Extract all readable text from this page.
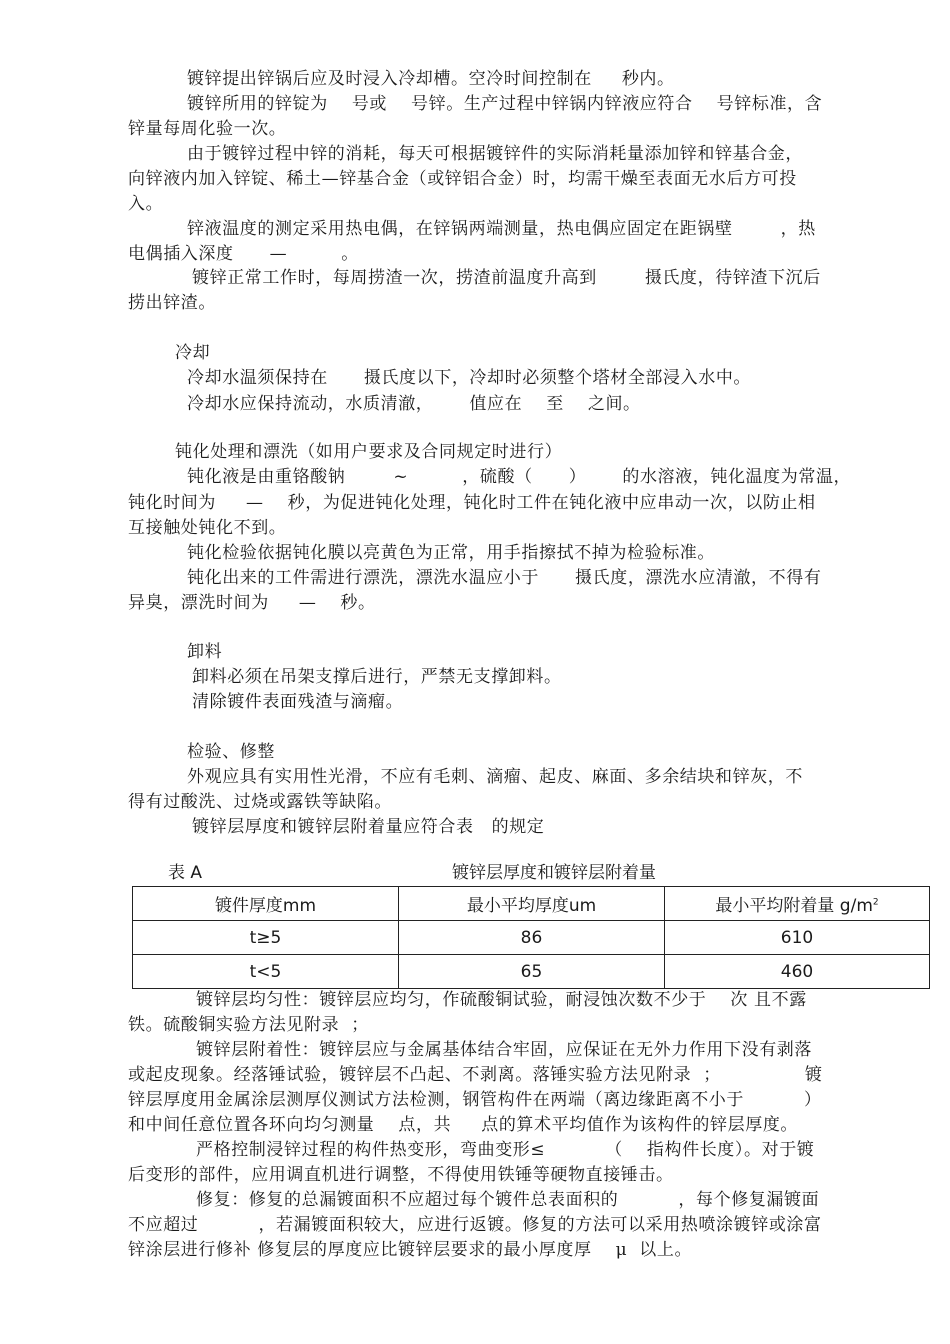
镀锌提出锌锅后应及时浸入冷却槽。空冷时间控制在     秒内。
镀锌所用的锌锭为    号或    号锌。生产过程中锌锅内锌液应符合    号锌标准，含
锌量每周化验一次。
由于镀锌过程中锌的消耗，每天可根据镀锌件的实际消耗量添加锌和锌基合金，
向锌液内加入锌锭、稀土—锌基合金（或锌铝合金）时，均需干燥至表面无水后方可投
入。
锌液温度的测定采用热电偶，在锌锅两端测量，热电偶应固定在距锅壁        ，热
电偶插入深度      —         。
镀锌正常工作时，每周捞渣一次，捞渣前温度升高到        摄氏度，待锌渣下沉后
捞出锌渣。
冷却
冷却水温须保持在      摄氏度以下，冷却时必须整个塔材全部浸入水中。
冷却水应保持流动，水质清澈，      值应在    至    之间。
钝化处理和漂洗（如用户要求及合同规定时进行）
钝化液是由重铬酸钠        ~         ，硫酸（      ）      的水溶液，钝化温度为常温，
钝化时间为     —    秒，为促进钝化处理，钝化时工件在钝化液中应串动一次，以防止相
互接触处钝化不到。
钝化检验依据钝化膜以亮黄色为正常，用手指擦拭不掉为检验标准。
钝化出来的工件需进行漂洗，漂洗水温应小于      摄氏度，漂洗水应清澈，不得有
异臭，漂洗时间为     —    秒。
卸料
卸料必须在吊架支撑后进行，严禁无支撑卸料。
清除镀件表面残渣与滴瘤。
检验、修整
外观应具有实用性光滑，不应有毛刺、滴瘤、起皮、麻面、多余结块和锌灰，不
得有过酸洗、过烧或露铁等缺陷。
镀锌层厚度和镀锌层附着量应符合表   的规定
表 A	镀锌层厚度和镀锌层附着量
镀件厚度mm	最小平均厚度um	最小平均附着量 $g/m^2$
t≥5	86	610
t<5	65	460
镀锌层均匀性：镀锌层应均匀，作硫酸铜试验，耐浸蚀次数不少于    次 且不露
铁。硫酸铜实验方法见附录  ；
镀锌层附着性：镀锌层应与金属基体结合牢固，应保证在无外力作用下没有剥落
或起皮现象。经落锤试验，镀锌层不凸起、不剥离。落锤实验方法见附录  ；              镀
锌层厚度用金属涂层测厚仪测试方法检测，钢管构件在两端（离边缘距离不小于          ）
和中间任意位置各环向均匀测量    点，共     点的算术平均值作为该构件的锌层厚度。
严格控制浸锌过程的构件热变形，弯曲变形≤          （    指构件长度）。对于镀
后变形的部件，应用调直机进行调整，不得使用铁锤等硬物直接锤击。
修复：修复的总漏镀面积不应超过每个镀件总表面积的          ，每个修复漏镀面
不应超过          ，若漏镀面积较大，应进行返镀。修复的方法可以采用热喷涂镀锌或涂富
锌涂层进行修补 修复层的厚度应比镀锌层要求的最小厚度厚    μ  以上。
